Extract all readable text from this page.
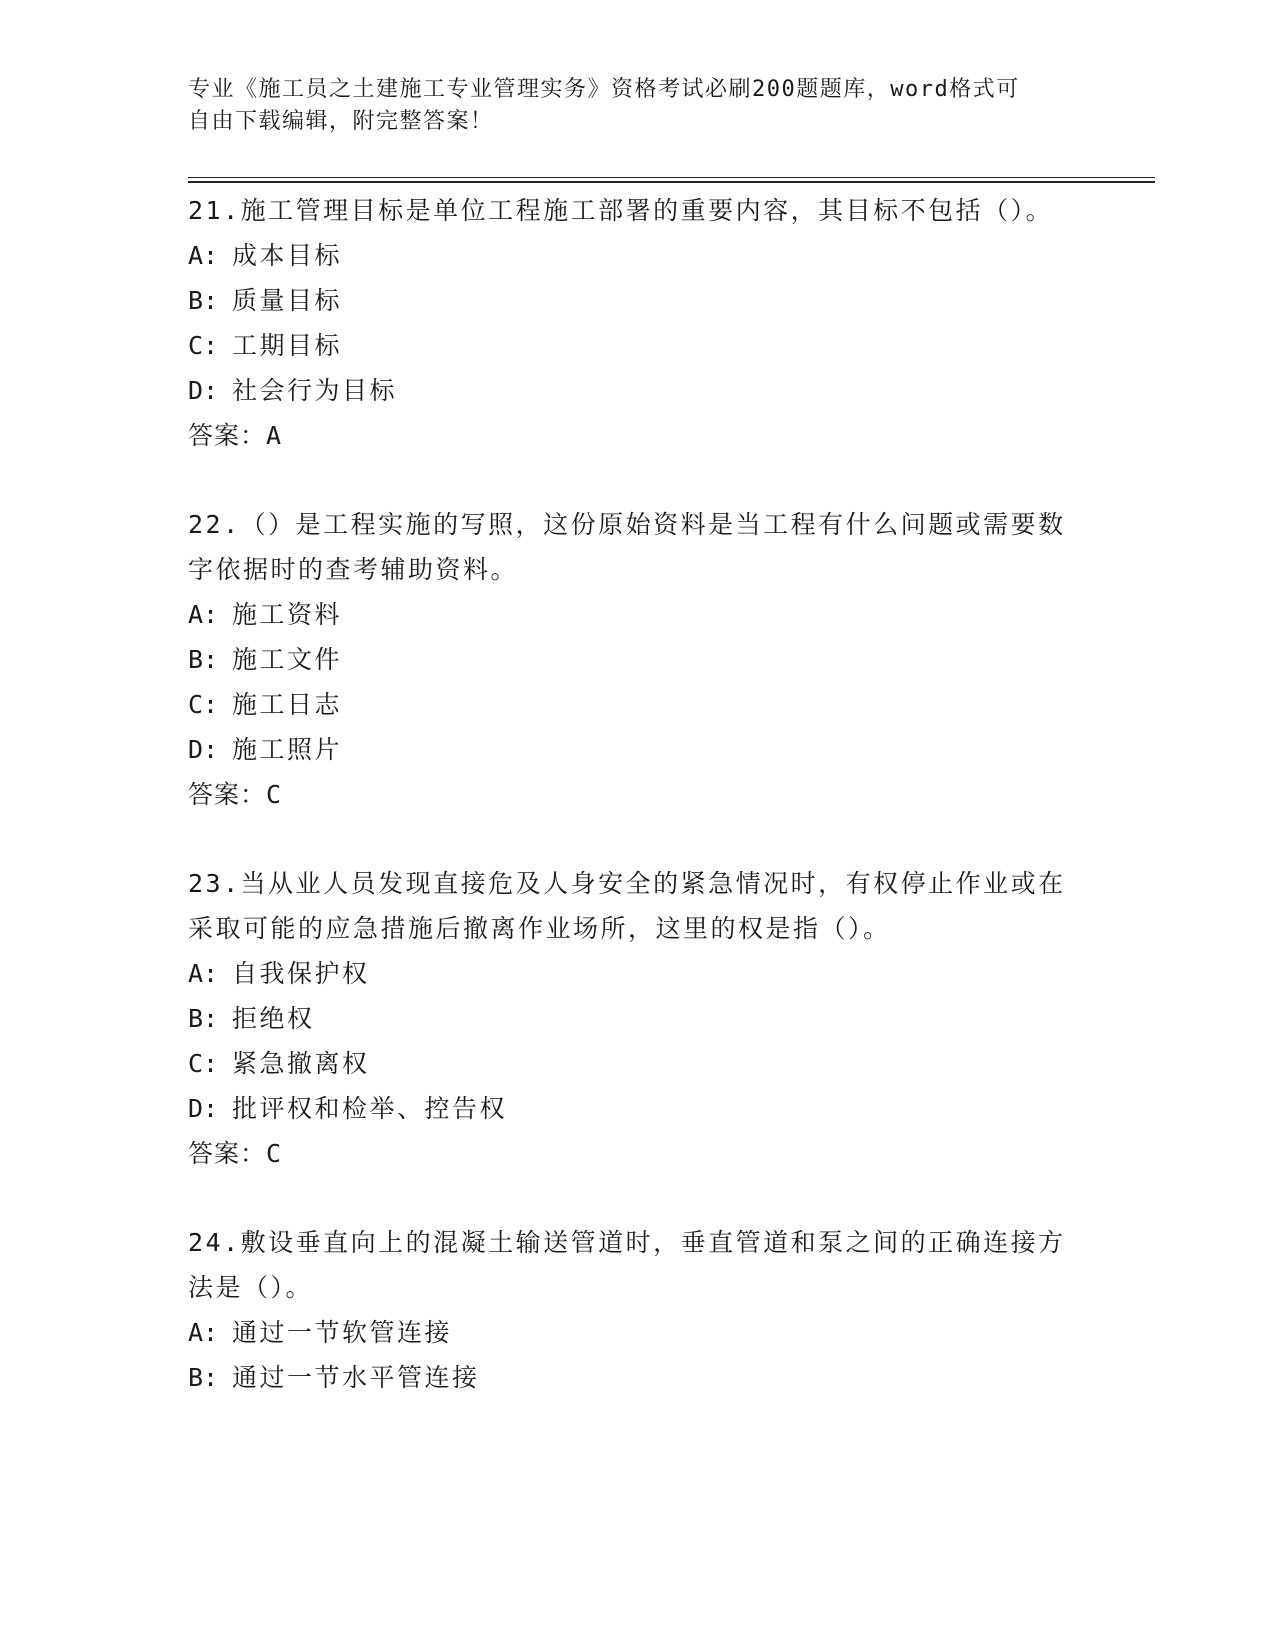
专业《施工员之土建施工专业管理实务》资格考试必刷200题题库，word格式可
自由下载编辑，附完整答案！

21.施工管理目标是单位工程施工部署的重要内容，其目标不包括（）。

A: 成本目标

B: 质量目标

C: 工期目标

D: 社会行为目标

答案：A

22.（）是工程实施的写照，这份原始资料是当工程有什么问题或需要数字依据时的查考辅助资料。

A: 施工资料

B: 施工文件

C: 施工日志

D: 施工照片

答案：C

23.当从业人员发现直接危及人身安全的紧急情况时，有权停止作业或在采取可能的应急措施后撤离作业场所，这里的权是指（）。

A: 自我保护权

B: 拒绝权

C: 紧急撤离权

D: 批评权和检举、控告权

答案：C

24.敷设垂直向上的混凝土输送管道时，垂直管道和泵之间的正确连接方法是（）。

A: 通过一节软管连接

B: 通过一节水平管连接
